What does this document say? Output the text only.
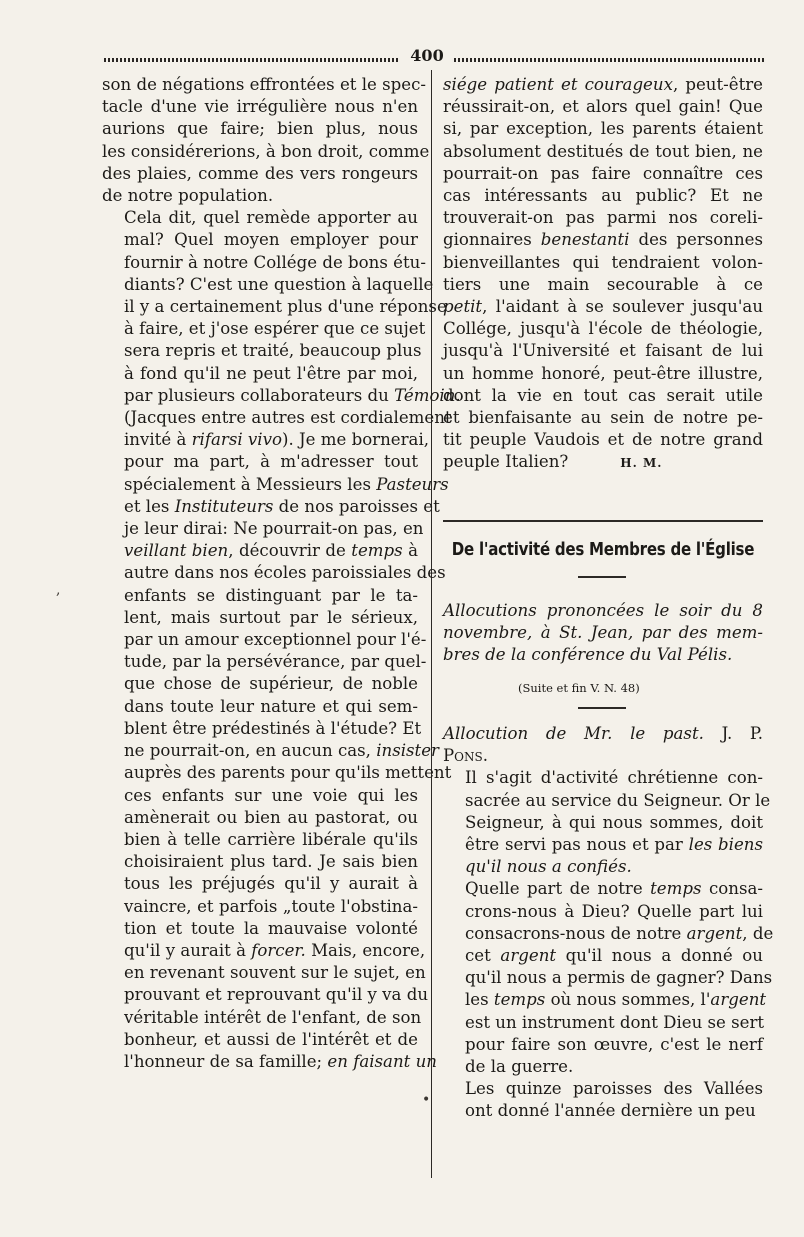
400

son de négations effrontées et le spec-
tacle d'une vie irrégulière nous n'en
aurions que faire; bien plus, nous
les considérerions, à bon droit, comme
des plaies, comme des vers rongeurs
de notre population.

Cela dit, quel remède apporter au
mal? Quel moyen employer pour
fournir à notre Collége de bons étu-
diants? C'est une question à laquelle
il y a certainement plus d'une réponse
à faire, et j'ose espérer que ce sujet
sera repris et traité, beaucoup plus
à fond qu'il ne peut l'être par moi,
par plusieurs collaborateurs du Témoin.
(Jacques entre autres est cordialement
invité à rifarsi vivo). Je me bornerai,
pour ma part, à m'adresser tout
spécialement à Messieurs les Pasteurs
et les Instituteurs de nos paroisses et
je leur dirai: Ne pourrait-on pas, en
veillant bien, découvrir de temps à
autre dans nos écoles paroissiales des
enfants se distinguant par le ta-
lent, mais surtout par le sérieux,
par un amour exceptionnel pour l'é-
tude, par la persévérance, par quel-
que chose de supérieur, de noble
dans toute leur nature et qui sem-
blent être prédestinés à l'étude? Et
ne pourrait-on, en aucun cas, insister
auprès des parents pour qu'ils mettent
ces enfants sur une voie qui les
amènerait ou bien au pastorat, ou
bien à telle carrière libérale qu'ils
choisiraient plus tard. Je sais bien
tous les préjugés qu'il y aurait à
vaincre, et parfois „toute l'obstina-
tion et toute la mauvaise volonté
qu'il y aurait à forcer. Mais, encore,
en revenant souvent sur le sujet, en
prouvant et reprouvant qu'il y va du
véritable intérêt de l'enfant, de son
bonheur, et aussi de l'intérêt et de
l'honneur de sa famille; en faisant un

siége patient et courageux, peut-être
réussirait-on, et alors quel gain! Que
si, par exception, les parents étaient
absolument destitués de tout bien, ne
pourrait-on pas faire connaître ces
cas intéressants au public? Et ne
trouverait-on pas parmi nos coreli-
gionnaires benestanti des personnes
bienveillantes qui tendraient volon-
tiers une main secourable à ce
petit, l'aidant à se soulever jusqu'au
Collége, jusqu'à l'école de théologie,
jusqu'à l'Université et faisant de lui
un homme honoré, peut-être illustre,
dont la vie en tout cas serait utile
et bienfaisante au sein de notre pe-
tit peuple Vaudois et de notre grand
peuple Italien?	H. M.

De l'activité des Membres de l'Église
Allocutions prononcées le soir du 8
novembre, à St. Jean, par des mem-
bres de la conférence du Val Pélis.
(Suite et fin V. N. 48)

Allocution de Mr. le past. J. P.
Pons.

Il s'agit d'activité chrétienne con-
sacrée au service du Seigneur. Or le
Seigneur, à qui nous sommes, doit
être servi pas nous et par les biens
qu'il nous a confiés.

Quelle part de notre temps consa-
crons-nous à Dieu? Quelle part lui
consacrons-nous de notre argent, de
cet argent qu'il nous a donné ou
qu'il nous a permis de gagner? Dans
les temps où nous sommes, l'argent
est un instrument dont Dieu se sert
pour faire son œuvre, c'est le nerf
de la guerre.

Les quinze paroisses des Vallées
ont donné l'année dernière un peu

,
•
